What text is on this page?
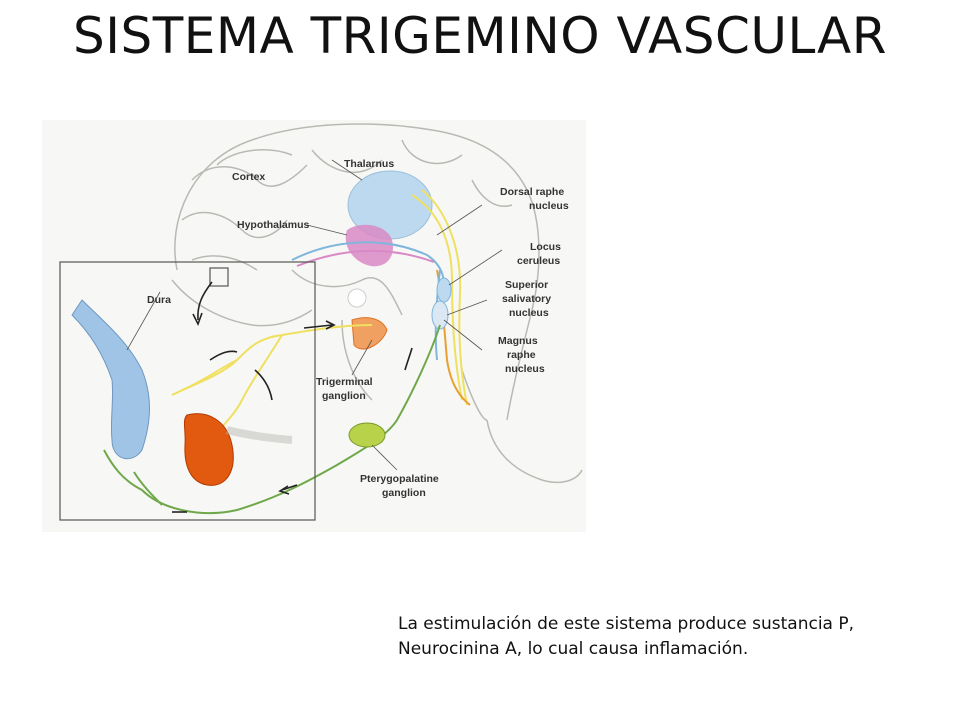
SISTEMA TRIGEMINO VASCULAR
Cortex
Thalarnus
Hypothalamus
Dorsal raphe
nucleus
Locus
ceruleus
Superior
salivatory
nucleus
Magnus
raphe
nucleus
Dura
Trigerminal
ganglion
Pterygopalatine
ganglion
La estimulación de este sistema produce sustancia P,
Neurocinina A, lo cual causa inflamación.
